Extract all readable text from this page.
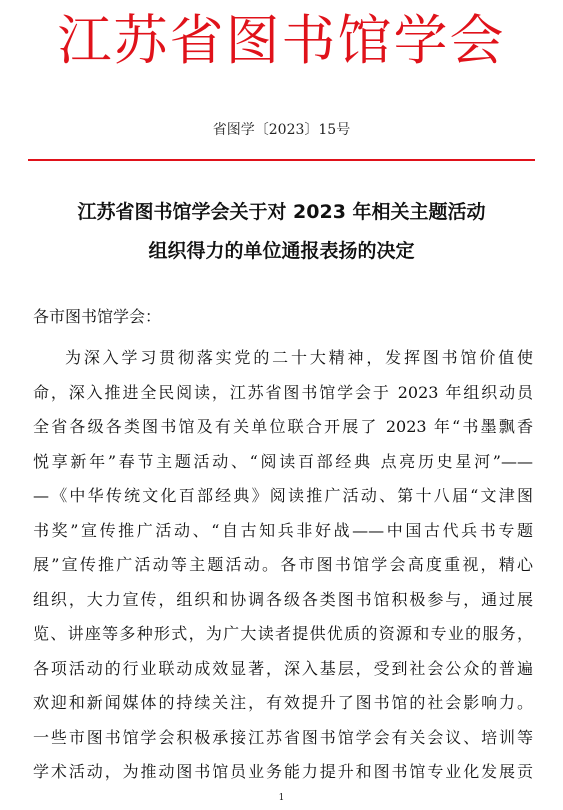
江苏省图书馆学会
省图学〔2023〕15号
江苏省图书馆学会关于对 2023 年相关主题活动
组织得力的单位通报表扬的决定
各市图书馆学会：
为深入学习贯彻落实党的二十大精神，发挥图书馆价值使
命，深入推进全民阅读，江苏省图书馆学会于 2023 年组织动员
全省各级各类图书馆及有关单位联合开展了 2023 年“书墨飘香
悦享新年”春节主题活动、“阅读百部经典 点亮历史星河”——
—《中华传统文化百部经典》阅读推广活动、第十八届“文津图
书奖”宣传推广活动、“自古知兵非好战——中国古代兵书专题
展”宣传推广活动等主题活动。各市图书馆学会高度重视，精心
组织，大力宣传，组织和协调各级各类图书馆积极参与，通过展
览、讲座等多种形式，为广大读者提供优质的资源和专业的服务，
各项活动的行业联动成效显著，深入基层，受到社会公众的普遍
欢迎和新闻媒体的持续关注，有效提升了图书馆的社会影响力。
一些市图书馆学会积极承接江苏省图书馆学会有关会议、培训等
学术活动，为推动图书馆员业务能力提升和图书馆专业化发展贡
1
